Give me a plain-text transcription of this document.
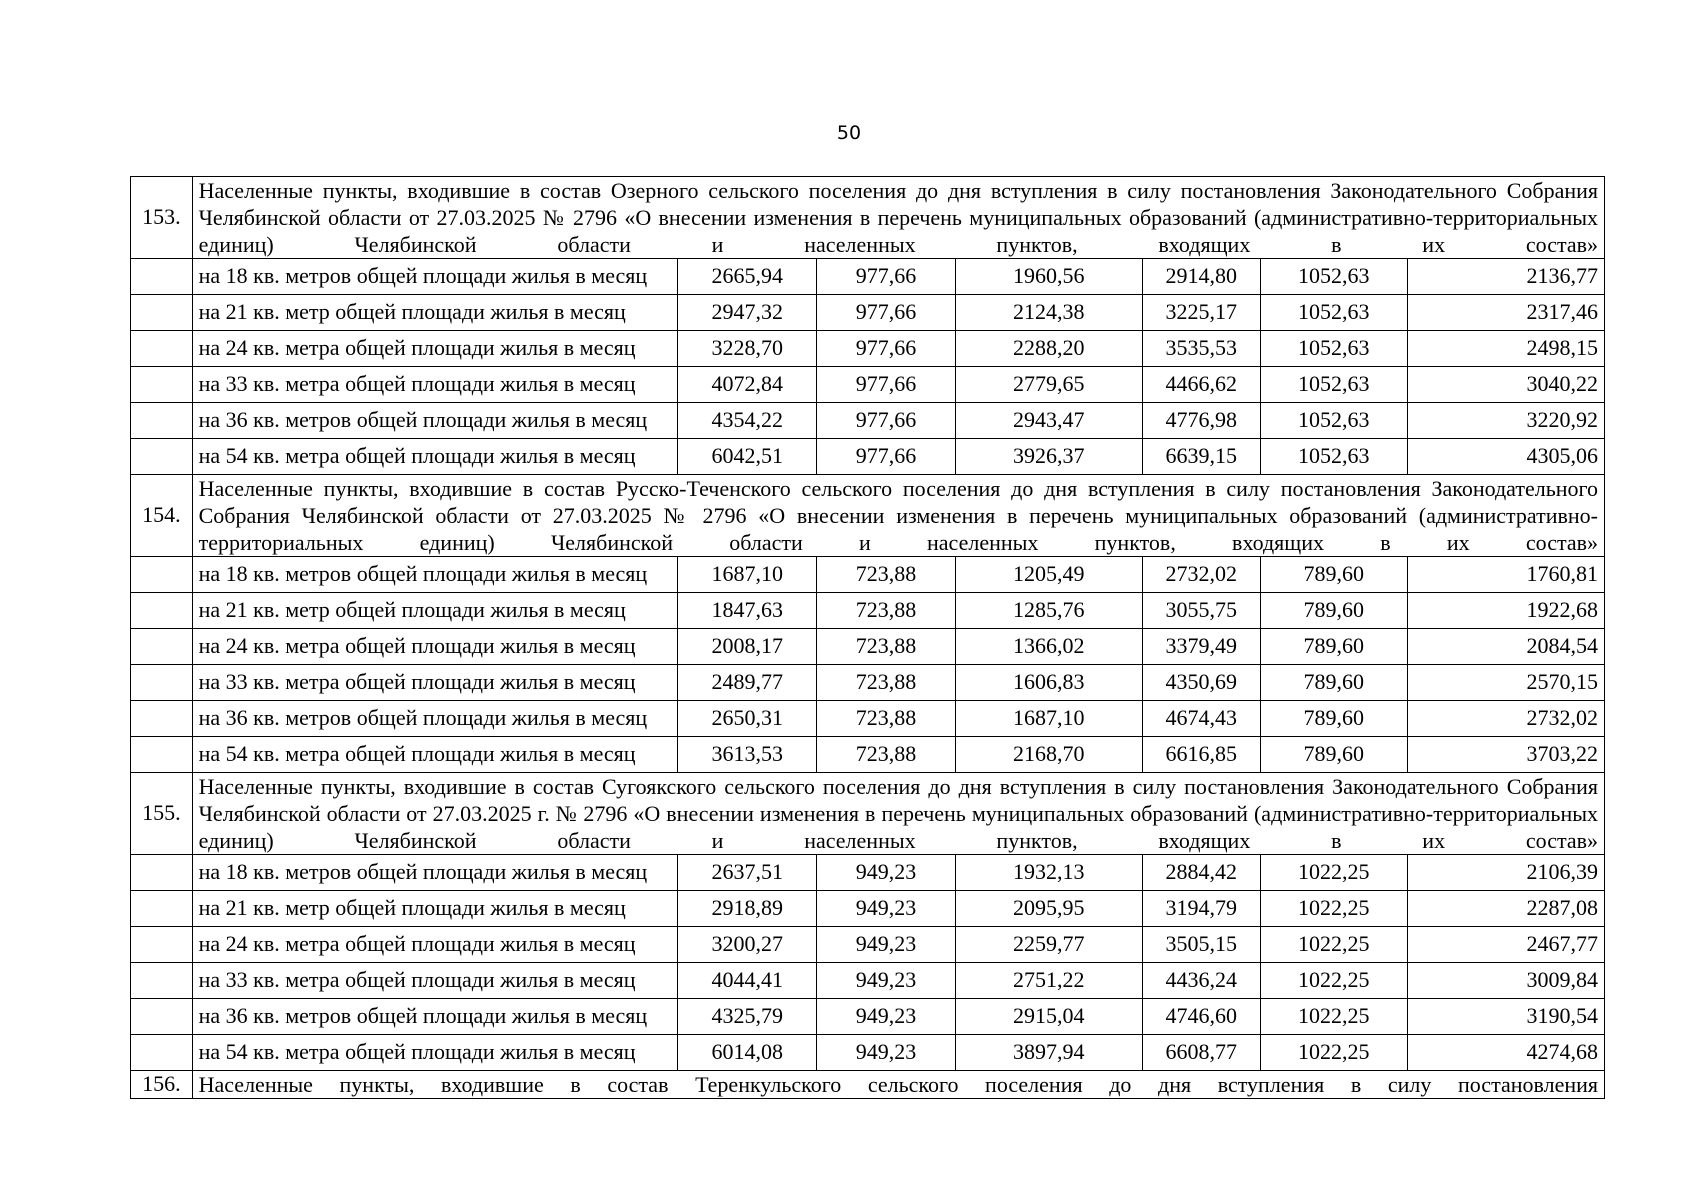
50
153.	Населенные пункты, входившие в состав Озерного сельского поселения до дня вступления в силу постановления Законодательного Собрания Челябинской области от 27.03.2025 № 2796 «О внесении изменения в перечень муниципальных образований (административно-территориальных единиц) Челябинской области и населенных пунктов, входящих в их состав»						
	на 18 кв. метров общей площади жилья в месяц	2665,94	977,66	1960,56	2914,80	1052,63	2136,77
	на 21 кв. метр общей площади жилья в месяц	2947,32	977,66	2124,38	3225,17	1052,63	2317,46
	на 24 кв. метра общей площади жилья в месяц	3228,70	977,66	2288,20	3535,53	1052,63	2498,15
	на 33 кв. метра общей площади жилья в месяц	4072,84	977,66	2779,65	4466,62	1052,63	3040,22
	на 36 кв. метров общей площади жилья в месяц	4354,22	977,66	2943,47	4776,98	1052,63	3220,92
	на 54 кв. метра общей площади жилья в месяц	6042,51	977,66	3926,37	6639,15	1052,63	4305,06
154.	Населенные пункты, входившие в состав Русско-Теченского сельского поселения до дня вступления в силу постановления Законодательного Собрания Челябинской области от 27.03.2025 № 2796 «О внесении изменения в перечень муниципальных образований (административно-территориальных единиц) Челябинской области и населенных пунктов, входящих в их состав»						
	на 18 кв. метров общей площади жилья в месяц	1687,10	723,88	1205,49	2732,02	789,60	1760,81
	на 21 кв. метр общей площади жилья в месяц	1847,63	723,88	1285,76	3055,75	789,60	1922,68
	на 24 кв. метра общей площади жилья в месяц	2008,17	723,88	1366,02	3379,49	789,60	2084,54
	на 33 кв. метра общей площади жилья в месяц	2489,77	723,88	1606,83	4350,69	789,60	2570,15
	на 36 кв. метров общей площади жилья в месяц	2650,31	723,88	1687,10	4674,43	789,60	2732,02
	на 54 кв. метра общей площади жилья в месяц	3613,53	723,88	2168,70	6616,85	789,60	3703,22
155.	Населенные пункты, входившие в состав Сугоякского сельского поселения до дня вступления в силу постановления Законодательного Собрания Челябинской области от 27.03.2025 г. № 2796 «О внесении изменения в перечень муниципальных образований (административно-территориальных единиц) Челябинской области и населенных пунктов, входящих в их состав»						
	на 18 кв. метров общей площади жилья в месяц	2637,51	949,23	1932,13	2884,42	1022,25	2106,39
	на 21 кв. метр общей площади жилья в месяц	2918,89	949,23	2095,95	3194,79	1022,25	2287,08
	на 24 кв. метра общей площади жилья в месяц	3200,27	949,23	2259,77	3505,15	1022,25	2467,77
	на 33 кв. метра общей площади жилья в месяц	4044,41	949,23	2751,22	4436,24	1022,25	3009,84
	на 36 кв. метров общей площади жилья в месяц	4325,79	949,23	2915,04	4746,60	1022,25	3190,54
	на 54 кв. метра общей площади жилья в месяц	6014,08	949,23	3897,94	6608,77	1022,25	4274,68
156.	Населенные пункты, входившие в состав Теренкульского сельского поселения до дня вступления в силу постановления						
